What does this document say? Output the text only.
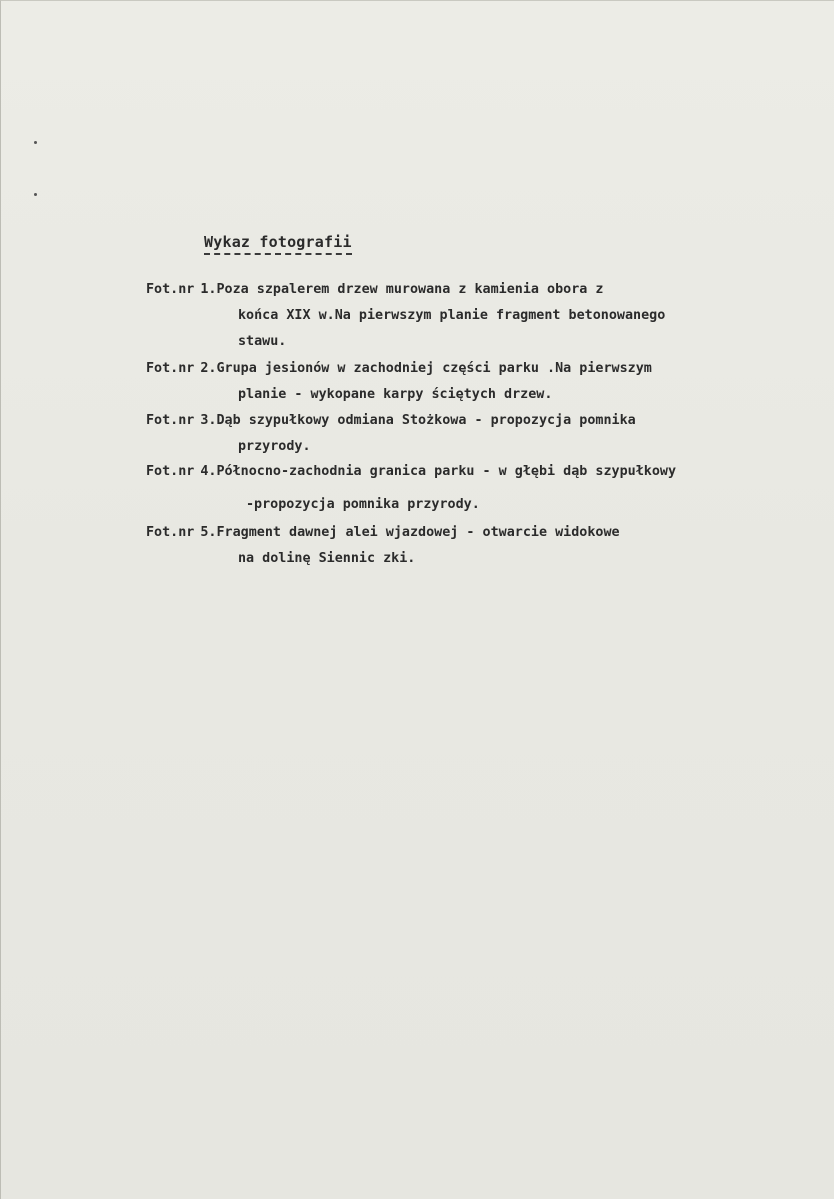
Wykaz fotografii
Fot.nr 1.Poza szpalerem drzew murowana z kamienia obora z
końca XIX w.Na pierwszym planie fragment betonowanego
stawu.
Fot.nr 2.Grupa jesionów w zachodniej części parku .Na pierwszym
planie - wykopane karpy ściętych drzew.
Fot.nr 3.Dąb szypułkowy odmiana Stożkowa - propozycja pomnika
przyrody.
Fot.nr 4.Północno-zachodnia granica parku - w głębi dąb szypułkowy
-propozycja pomnika przyrody.
Fot.nr 5.Fragment dawnej alei wjazdowej - otwarcie widokowe
na dolinę Siennic zki.
